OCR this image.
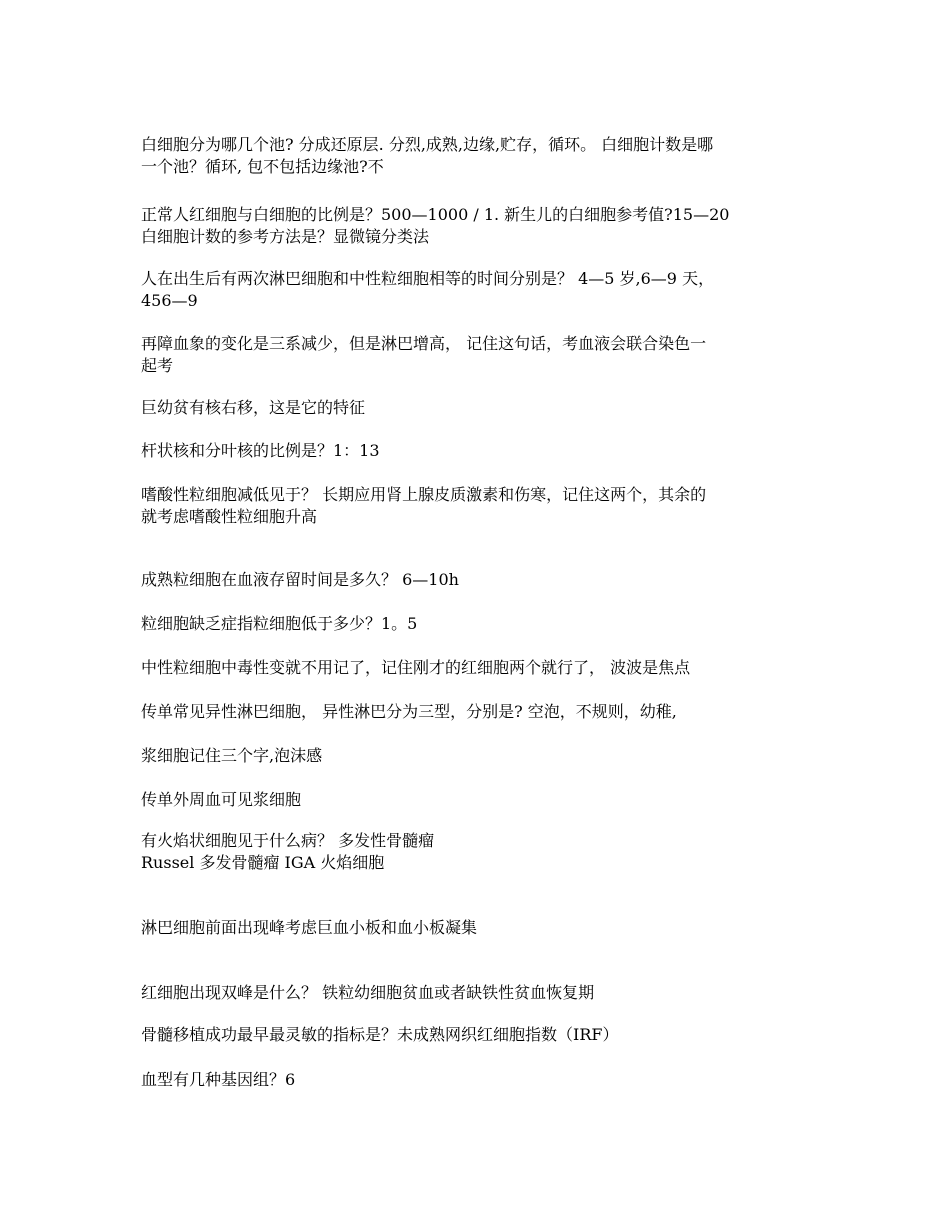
白细胞分为哪几个池? 分成还原层. 分烈,成熟,边缘,贮存，循环。 白细胞计数是哪
一个池？循环, 包不包括边缘池?不
正常人红细胞与白细胞的比例是？500—1000 / 1. 新生儿的白细胞参考值?15—20
白细胞计数的参考方法是？显微镜分类法
人在出生后有两次淋巴细胞和中性粒细胞相等的时间分别是？ 4—5 岁,6—9 天，
456—9
再障血象的变化是三系减少，但是淋巴增高， 记住这句话，考血液会联合染色一
起考
巨幼贫有核右移，这是它的特征
杆状核和分叶核的比例是？1：13
嗜酸性粒细胞减低见于？ 长期应用肾上腺皮质激素和伤寒，记住这两个，其余的
就考虑嗜酸性粒细胞升高
成熟粒细胞在血液存留时间是多久？ 6—10h
粒细胞缺乏症指粒细胞低于多少？1。5
中性粒细胞中毒性变就不用记了，记住刚才的红细胞两个就行了， 波波是焦点
传单常见异性淋巴细胞， 异性淋巴分为三型，分别是? 空泡，不规则，幼稚,
浆细胞记住三个字,泡沫感
传单外周血可见浆细胞
有火焰状细胞见于什么病？ 多发性骨髓瘤
Russel 多发骨髓瘤 IGA 火焰细胞
淋巴细胞前面出现峰考虑巨血小板和血小板凝集
红细胞出现双峰是什么？ 铁粒幼细胞贫血或者缺铁性贫血恢复期
骨髓移植成功最早最灵敏的指标是？未成熟网织红细胞指数（IRF）
血型有几种基因组？6
